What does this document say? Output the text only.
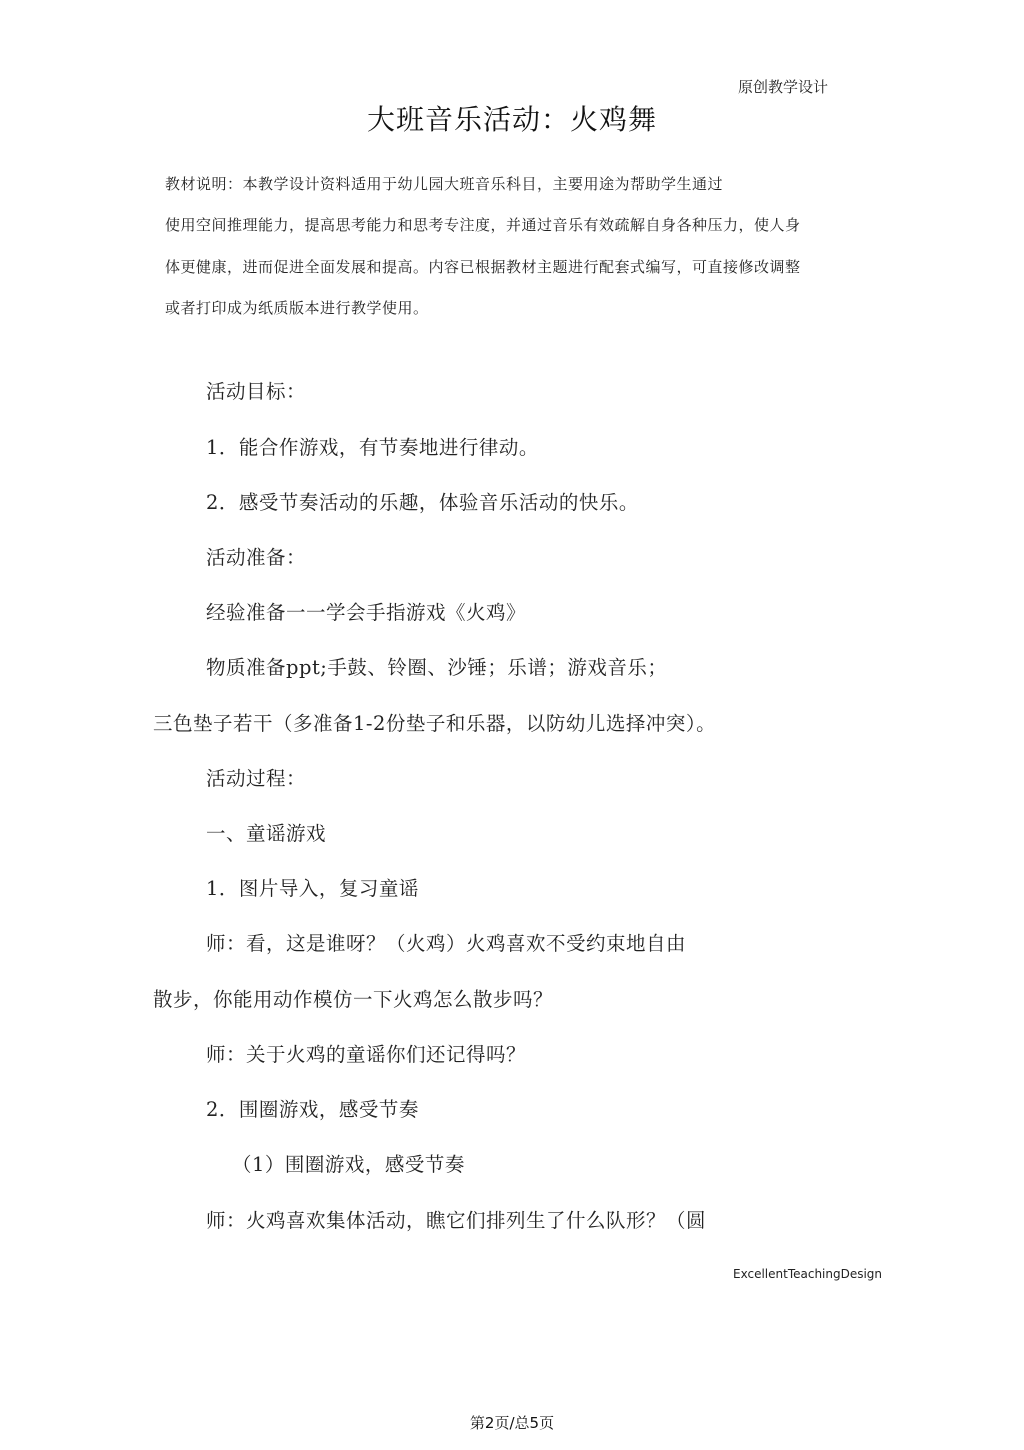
原创教学设计
大班音乐活动：火鸡舞
教材说明：本教学设计资料适用于幼儿园大班音乐科目，主要用途为帮助学生通过
使用空间推理能力，提高思考能力和思考专注度，并通过音乐有效疏解自身各种压力，使人身
体更健康，进而促进全面发展和提高。内容已根据教材主题进行配套式编写，可直接修改调整
或者打印成为纸质版本进行教学使用。
活动目标：
1．能合作游戏，有节奏地进行律动。
2．感受节奏活动的乐趣，体验音乐活动的快乐。
活动准备：
经验准备一一学会手指游戏《火鸡》
物质准备ppt;手鼓、铃圈、沙锤；乐谱；游戏音乐；
三色垫子若干（多准备1-2份垫子和乐器，以防幼儿选择冲突）。
活动过程：
一、童谣游戏
1．图片导入，复习童谣
师：看，这是谁呀？（火鸡）火鸡喜欢不受约束地自由
散步，你能用动作模仿一下火鸡怎么散步吗？
师：关于火鸡的童谣你们还记得吗？
2．围圈游戏，感受节奏
（1）围圈游戏，感受节奏
师：火鸡喜欢集体活动，瞧它们排列生了什么队形？（圆
ExcellentTeachingDesign
第2页/总5页
